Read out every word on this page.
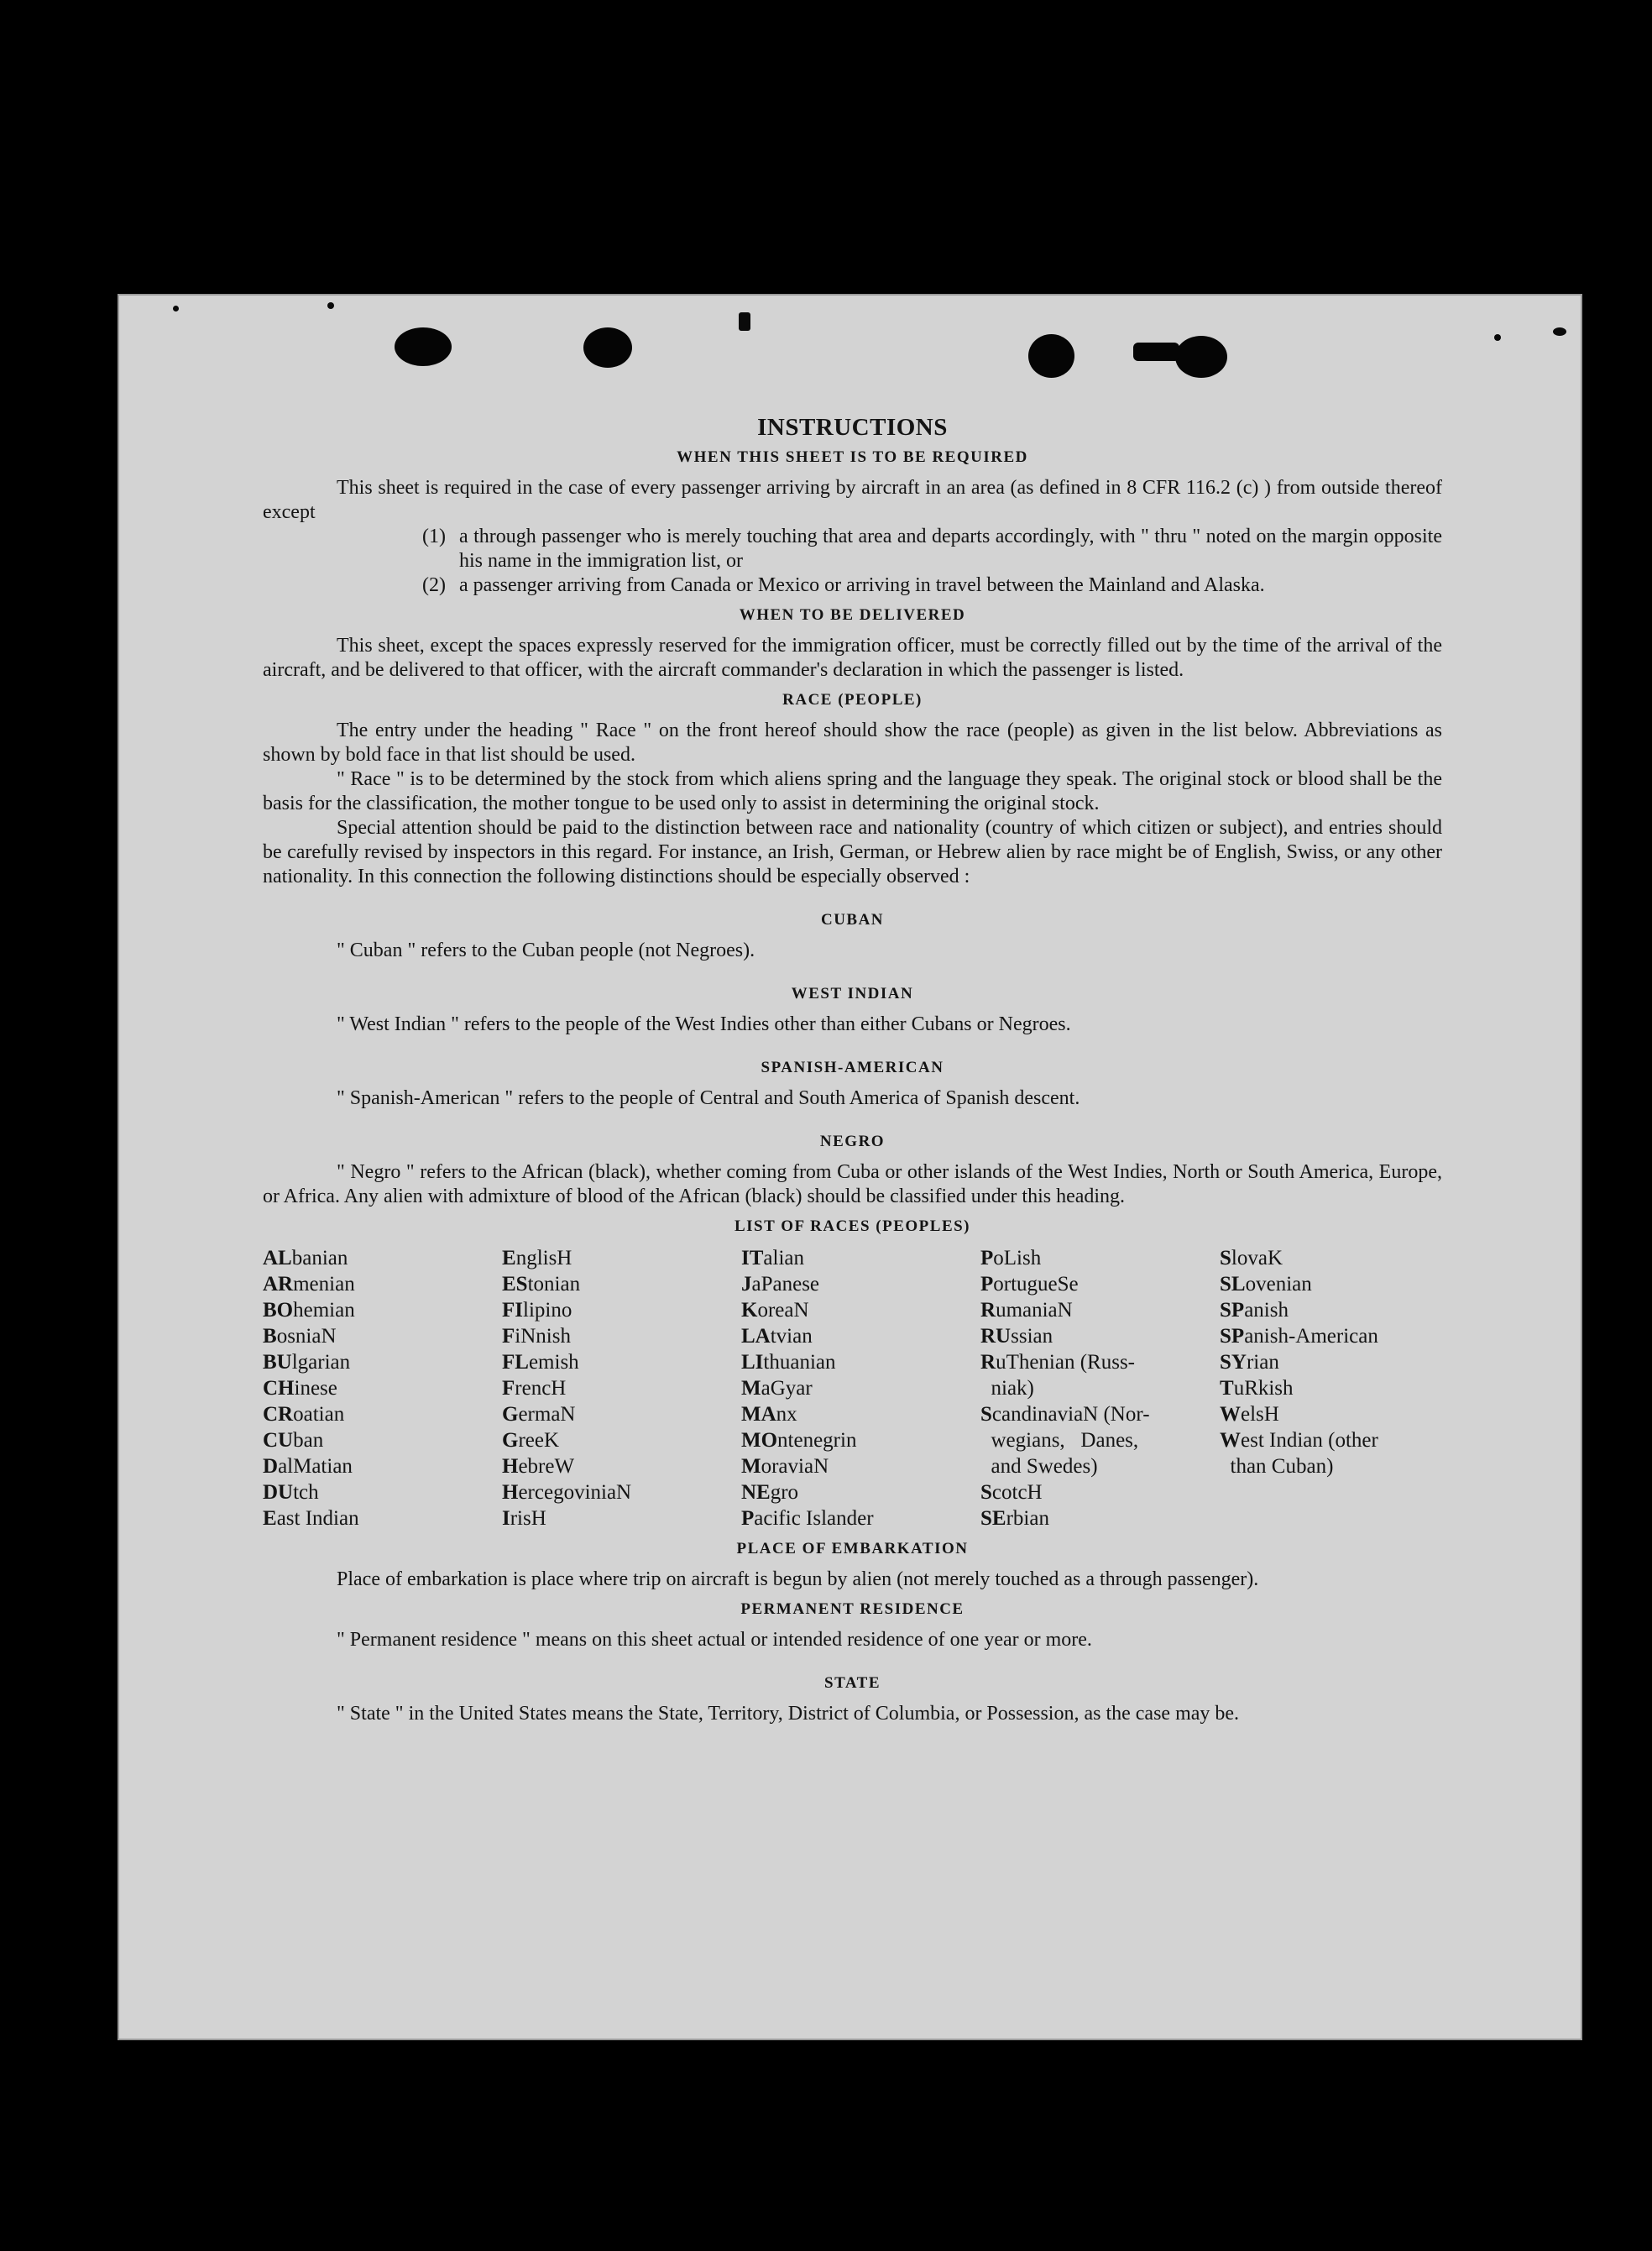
INSTRUCTIONS
WHEN THIS SHEET IS TO BE REQUIRED

This sheet is required in the case of every passenger arriving by aircraft in an area (as defined in 8 CFR 116.2 (c) ) from outside thereof except

(1) a through passenger who is merely touching that area and departs accordingly, with " thru " noted on the margin opposite his name in the immigration list, or
(2) a passenger arriving from Canada or Mexico or arriving in travel between the Mainland and Alaska.
WHEN TO BE DELIVERED

This sheet, except the spaces expressly reserved for the immigration officer, must be correctly filled out by the time of the arrival of the aircraft, and be delivered to that officer, with the aircraft commander's declaration in which the passenger is listed.

RACE (PEOPLE)

The entry under the heading " Race " on the front hereof should show the race (people) as given in the list below. Abbreviations as shown by bold face in that list should be used.

" Race " is to be determined by the stock from which aliens spring and the language they speak. The original stock or blood shall be the basis for the classification, the mother tongue to be used only to assist in determining the original stock.

Special attention should be paid to the distinction between race and nationality (country of which citizen or subject), and entries should be carefully revised by inspectors in this regard. For instance, an Irish, German, or Hebrew alien by race might be of English, Swiss, or any other nationality. In this connection the following distinctions should be especially observed :

CUBAN

" Cuban " refers to the Cuban people (not Negroes).

WEST INDIAN

" West Indian " refers to the people of the West Indies other than either Cubans or Negroes.

SPANISH-AMERICAN

" Spanish-American " refers to the people of Central and South America of Spanish descent.

NEGRO

" Negro " refers to the African (black), whether coming from Cuba or other islands of the West Indies, North or South America, Europe, or Africa. Any alien with admixture of blood of the African (black) should be classified under this heading.

LIST OF RACES (PEOPLES)
ALbanian
ARmenian
BOhemian
BosniaN
BUlgarian
CHinese
CRoatian
CUban
DalMatian
DUtch
East Indian
EnglisH
EStonian
FIlipino
FiNnish
FLemish
FrencH
GermaN
GreeK
HebreW
HercegoviniaN
IrisH
ITalian
JaPanese
KoreaN
LAtvian
LIthuanian
MaGyar
MAnx
MOntenegrin
MoraviaN
NEgro
Pacific Islander
PoLish
PortugueSe
RumaniaN
RUssian
RuThenian (Russ-
niak)
ScandinaviaN (Nor-
wegians,   Danes,
and Swedes)
ScotcH
SErbian
SlovaK
SLovenian
SPanish
SPanish-American
SYrian
TuRkish
WelsH
West Indian (other
than Cuban)
PLACE OF EMBARKATION

Place of embarkation is place where trip on aircraft is begun by alien (not merely touched as a through passenger).

PERMANENT RESIDENCE

" Permanent residence " means on this sheet actual or intended residence of one year or more.

STATE

" State " in the United States means the State, Territory, District of Columbia, or Possession, as the case may be.
